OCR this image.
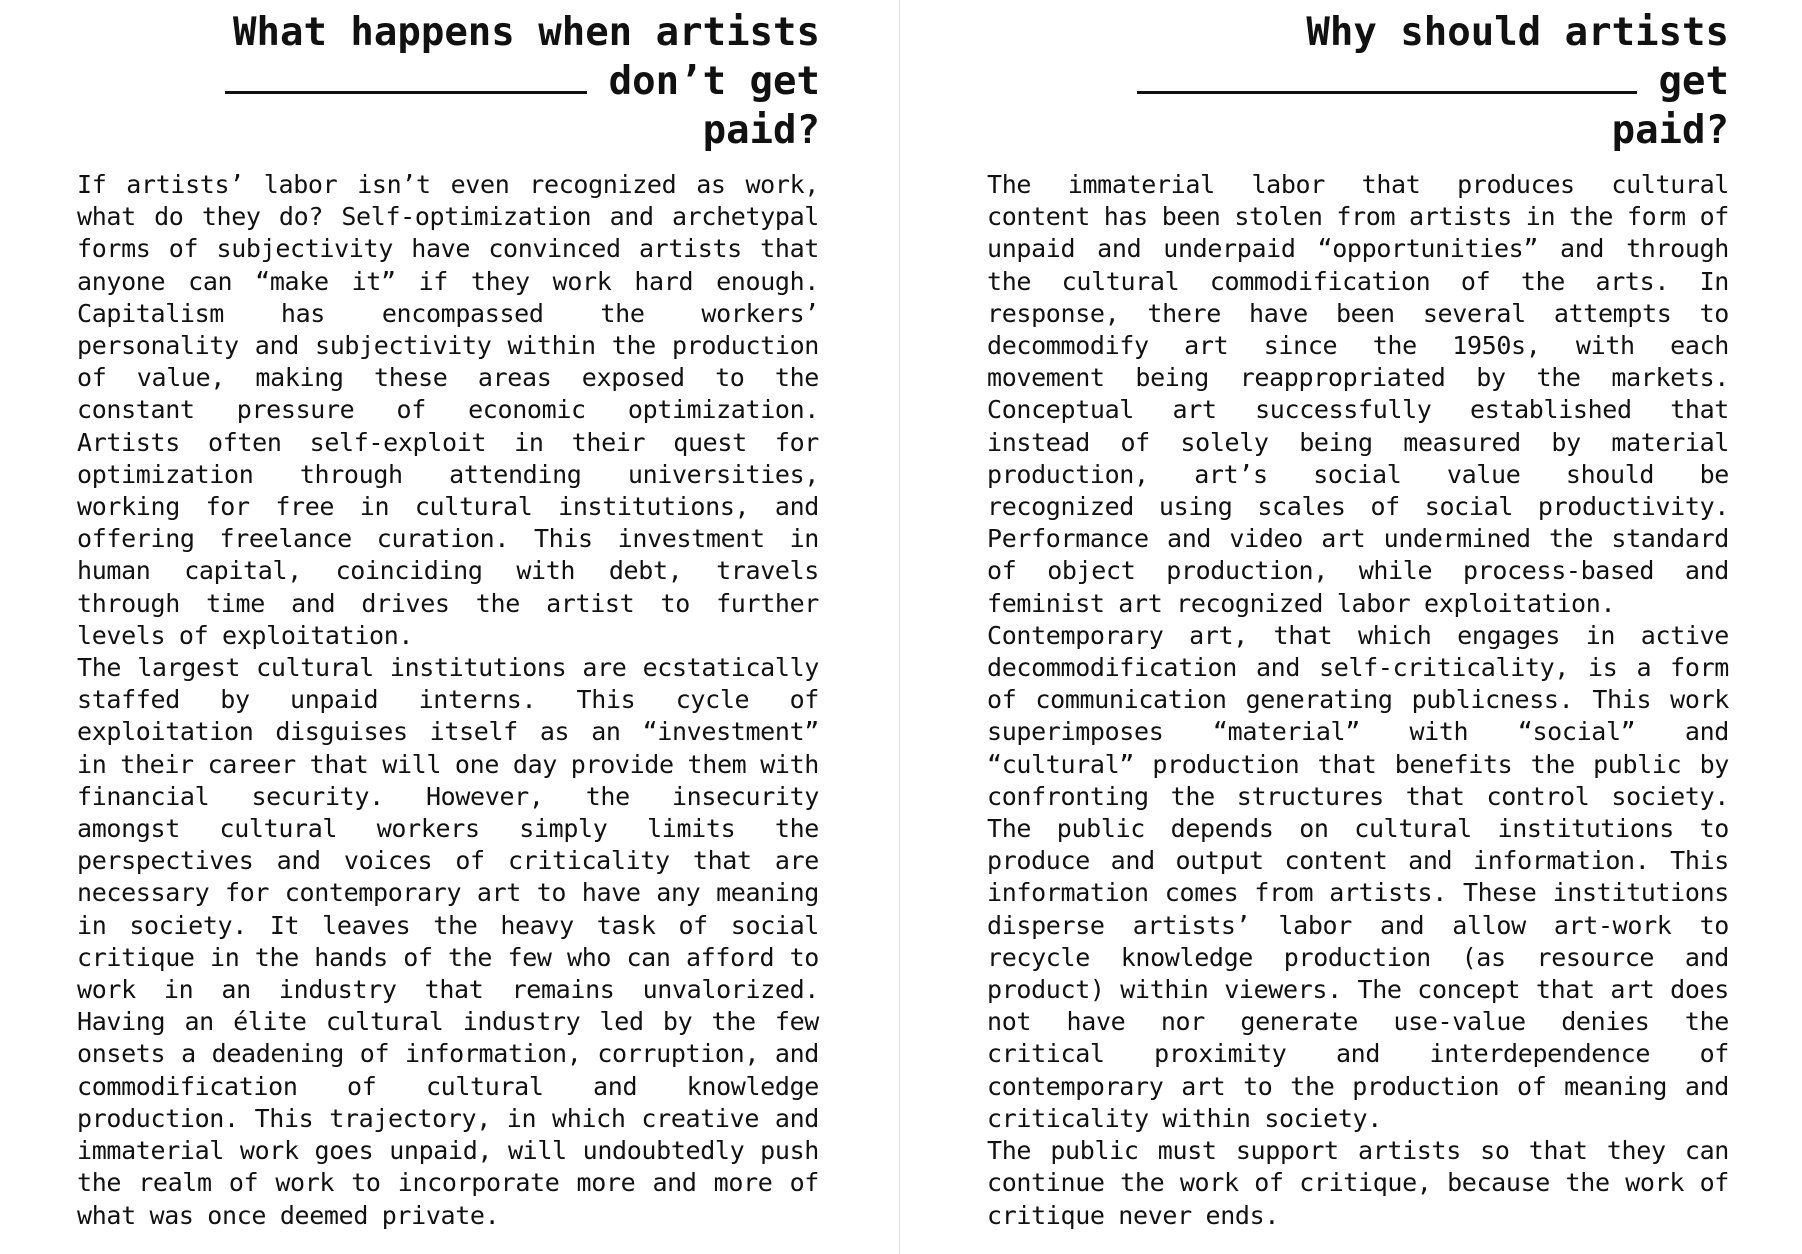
What happens when artists
don’t get paid?

If artists’ labor isn’t even recognized as work, what do they do? Self-optimization and archetypal forms of subjectivity have convinced artists that anyone can “make it” if they work hard enough. Capitalism has encompassed the workers’ personality and subjectivity within the production of value, making these areas exposed to the constant pressure of economic optimization. Artists often self-exploit in their quest for optimization through attending universities, working for free in cultural institutions, and offering freelance curation. This investment in human capital, coinciding with debt, travels through time and drives the artist to further levels of exploitation.

The largest cultural institutions are ecstatically staffed by unpaid interns. This cycle of exploitation disguises itself as an “investment” in their career that will one day provide them with financial security. However, the insecurity amongst cultural workers simply limits the perspectives and voices of criticality that are necessary for contemporary art to have any meaning in society. It leaves the heavy task of social critique in the hands of the few who can afford to work in an industry that remains unvalorized. Having an élite cultural industry led by the few onsets a deadening of information, corruption, and commodification of cultural and knowledge production. This trajectory, in which creative and immaterial work goes unpaid, will undoubtedly push the realm of work to incorporate more and more of what was once deemed private.

Why should artists
get paid?

The immaterial labor that produces cultural content has been stolen from artists in the form of unpaid and underpaid “opportunities” and through the cultural commodification of the arts. In response, there have been several attempts to decommodify art since the 1950s, with each movement being reappropriated by the markets. Conceptual art successfully established that instead of solely being measured by material production, art’s social value should be recognized using scales of social productivity. Performance and video art undermined the standard of object production, while process-based and feminist art recognized labor exploitation.

Contemporary art, that which engages in active decommodification and self-criticality, is a form of communication generating publicness. This work superimposes “material” with “social” and “cultural” production that benefits the public by confronting the structures that control society. The public depends on cultural institutions to produce and output content and information. This information comes from artists. These institutions disperse artists’ labor and allow art-work to recycle knowledge production (as resource and product) within viewers. The concept that art does not have nor generate use-value denies the critical proximity and interdependence of contemporary art to the production of meaning and criticality within society.

The public must support artists so that they can continue the work of critique, because the work of critique never ends.
